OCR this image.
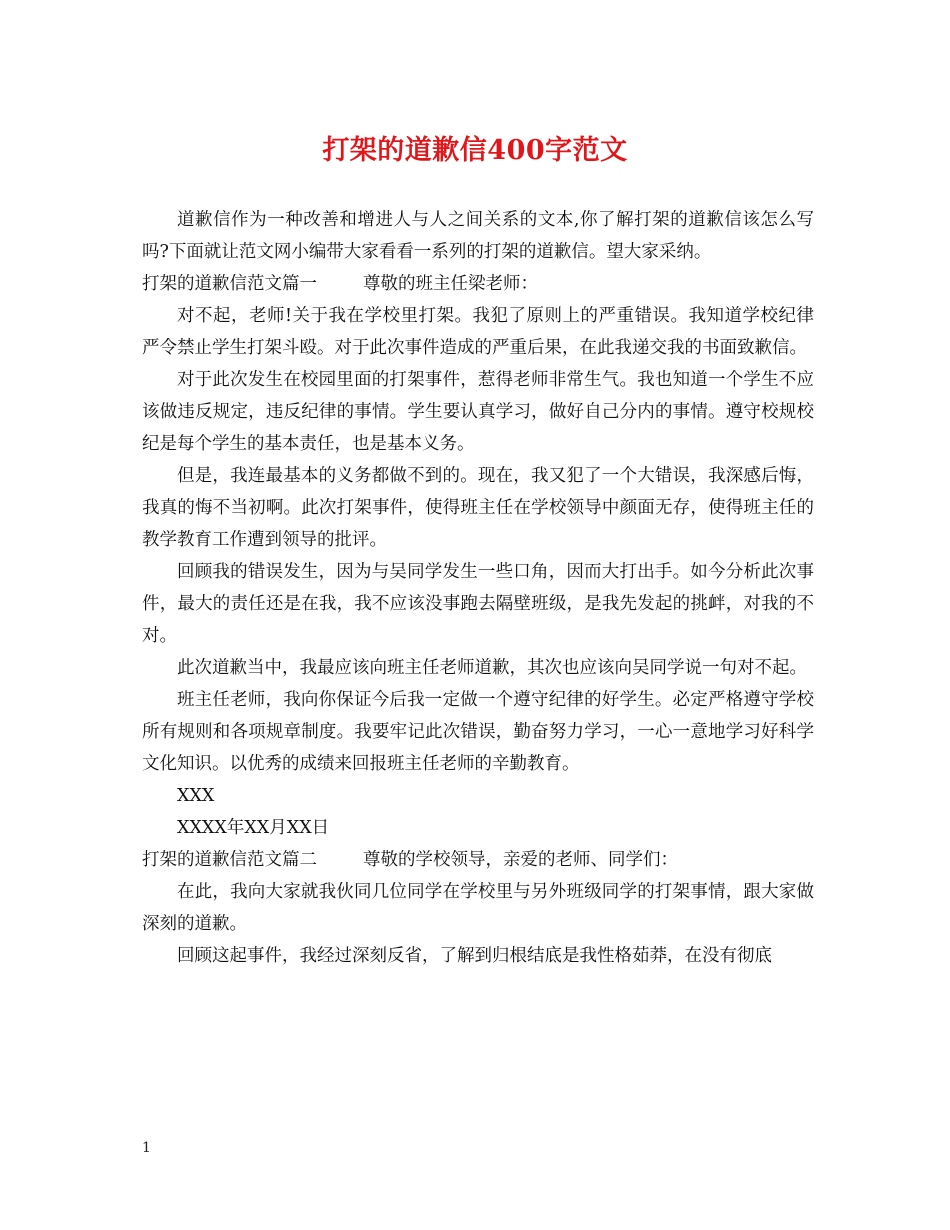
打架的道歉信400字范文

道歉信作为一种改善和增进人与人之间关系的文本,你了解打架的道歉信该怎么写吗?下面就让范文网小编带大家看看一系列的打架的道歉信。望大家采纳。

打架的道歉信范文篇一	尊敬的班主任梁老师：

对不起，老师!关于我在学校里打架。我犯了原则上的严重错误。我知道学校纪律严令禁止学生打架斗殴。对于此次事件造成的严重后果，在此我递交我的书面致歉信。

对于此次发生在校园里面的打架事件，惹得老师非常生气。我也知道一个学生不应该做违反规定，违反纪律的事情。学生要认真学习，做好自己分内的事情。遵守校规校纪是每个学生的基本责任，也是基本义务。

但是，我连最基本的义务都做不到的。现在，我又犯了一个大错误，我深感后悔，我真的悔不当初啊。此次打架事件，使得班主任在学校领导中颜面无存，使得班主任的教学教育工作遭到领导的批评。

回顾我的错误发生，因为与吴同学发生一些口角，因而大打出手。如今分析此次事件，最大的责任还是在我，我不应该没事跑去隔壁班级，是我先发起的挑衅，对我的不对。

此次道歉当中，我最应该向班主任老师道歉，其次也应该向吴同学说一句对不起。

班主任老师，我向你保证今后我一定做一个遵守纪律的好学生。必定严格遵守学校所有规则和各项规章制度。我要牢记此次错误，勤奋努力学习，一心一意地学习好科学文化知识。以优秀的成绩来回报班主任老师的辛勤教育。

XXX

XXXX年XX月XX日

打架的道歉信范文篇二	尊敬的学校领导，亲爱的老师、同学们：

在此，我向大家就我伙同几位同学在学校里与另外班级同学的打架事情，跟大家做深刻的道歉。

回顾这起事件，我经过深刻反省，了解到归根结底是我性格茹莽，在没有彻底

1
